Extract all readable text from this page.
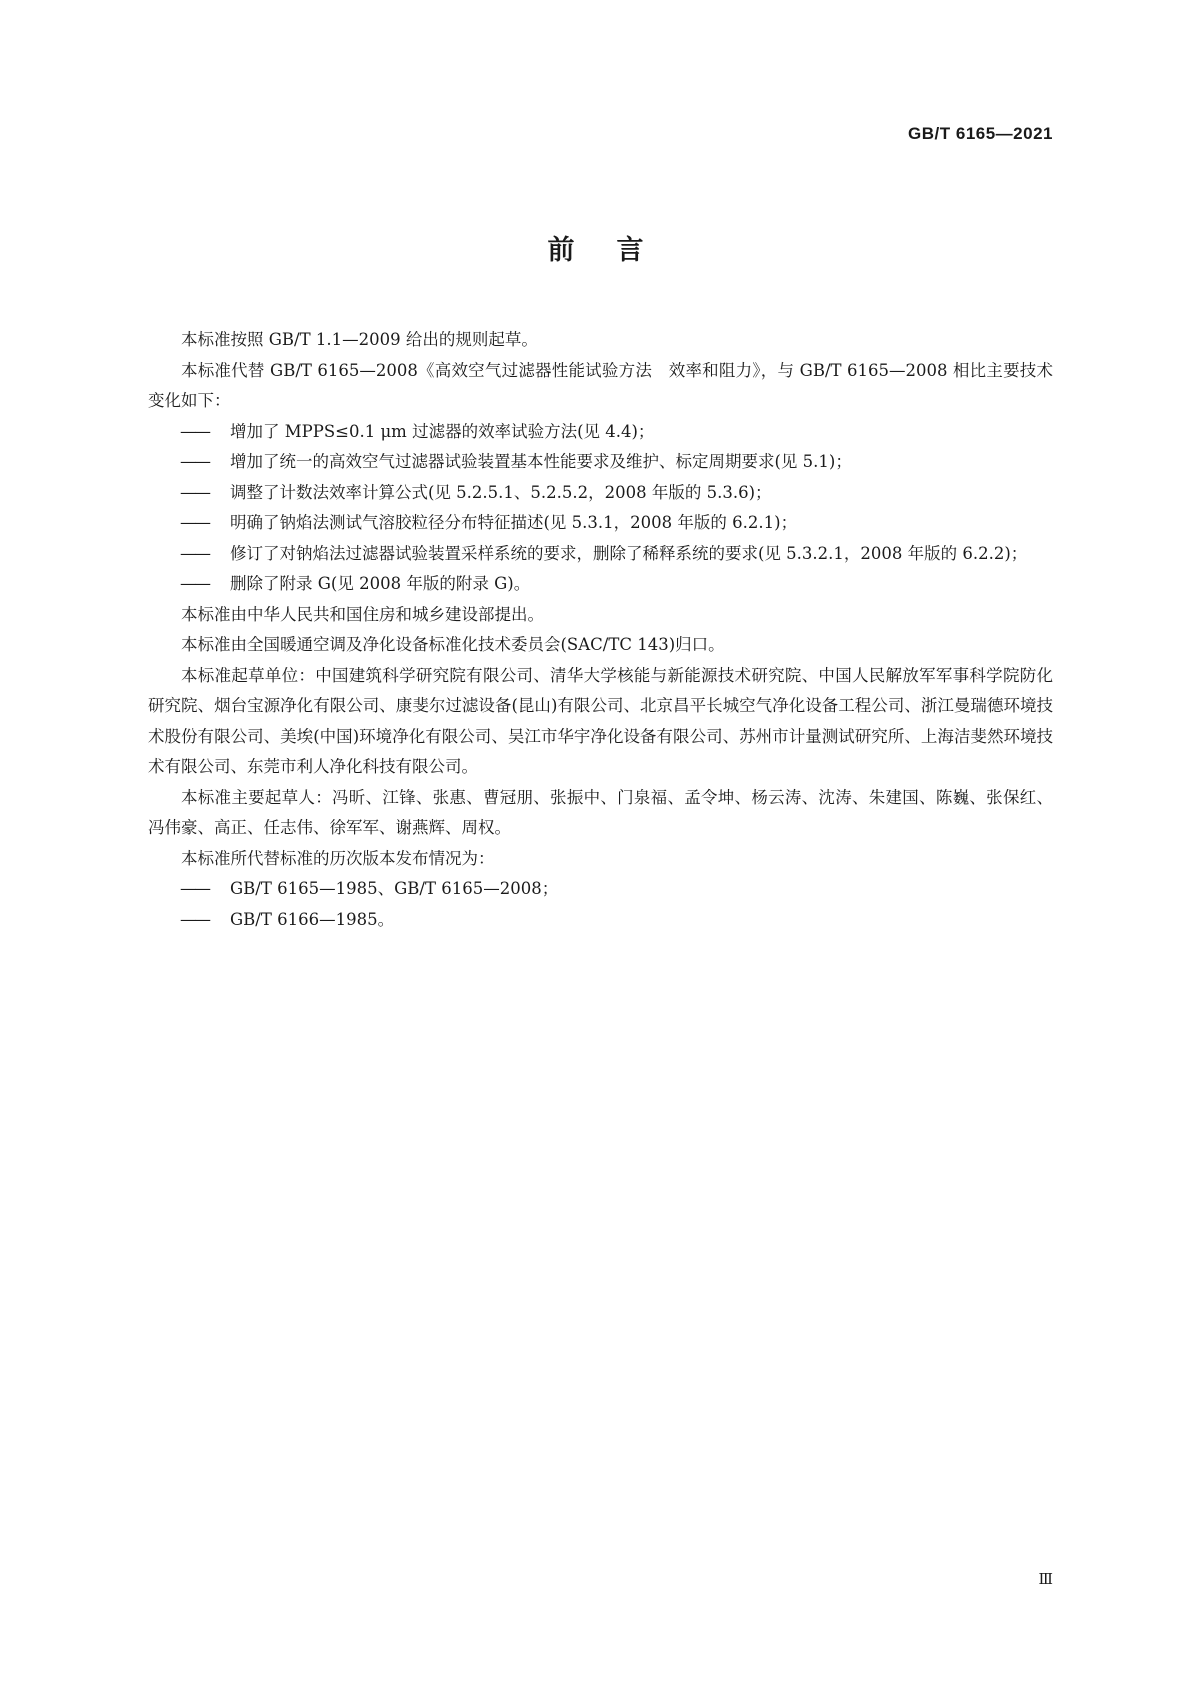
GB/T 6165—2021
前言

本标准按照 GB/T 1.1—2009 给出的规则起草。

本标准代替 GB/T 6165—2008《高效空气过滤器性能试验方法　效率和阻力》，与 GB/T 6165—2008 相比主要技术变化如下：

—— 增加了 MPPS≤0.1 μm 过滤器的效率试验方法(见 4.4)；
—— 增加了统一的高效空气过滤器试验装置基本性能要求及维护、标定周期要求(见 5.1)；
—— 调整了计数法效率计算公式(见 5.2.5.1、5.2.5.2，2008 年版的 5.3.6)；
—— 明确了钠焰法测试气溶胶粒径分布特征描述(见 5.3.1，2008 年版的 6.2.1)；
—— 修订了对钠焰法过滤器试验装置采样系统的要求，删除了稀释系统的要求(见 5.3.2.1，2008 年版的 6.2.2)；
—— 删除了附录 G(见 2008 年版的附录 G)。

本标准由中华人民共和国住房和城乡建设部提出。

本标准由全国暖通空调及净化设备标准化技术委员会(SAC/TC 143)归口。

本标准起草单位：中国建筑科学研究院有限公司、清华大学核能与新能源技术研究院、中国人民解放军军事科学院防化研究院、烟台宝源净化有限公司、康斐尔过滤设备(昆山)有限公司、北京昌平长城空气净化设备工程公司、浙江曼瑞德环境技术股份有限公司、美埃(中国)环境净化有限公司、吴江市华宇净化设备有限公司、苏州市计量测试研究所、上海洁斐然环境技术有限公司、东莞市利人净化科技有限公司。

本标准主要起草人：冯昕、江锋、张惠、曹冠朋、张振中、门泉福、孟令坤、杨云涛、沈涛、朱建国、陈巍、张保红、冯伟豪、高正、任志伟、徐军军、谢燕辉、周权。

本标准所代替标准的历次版本发布情况为：

—— GB/T 6165—1985、GB/T 6165—2008；
—— GB/T 6166—1985。
Ⅲ
